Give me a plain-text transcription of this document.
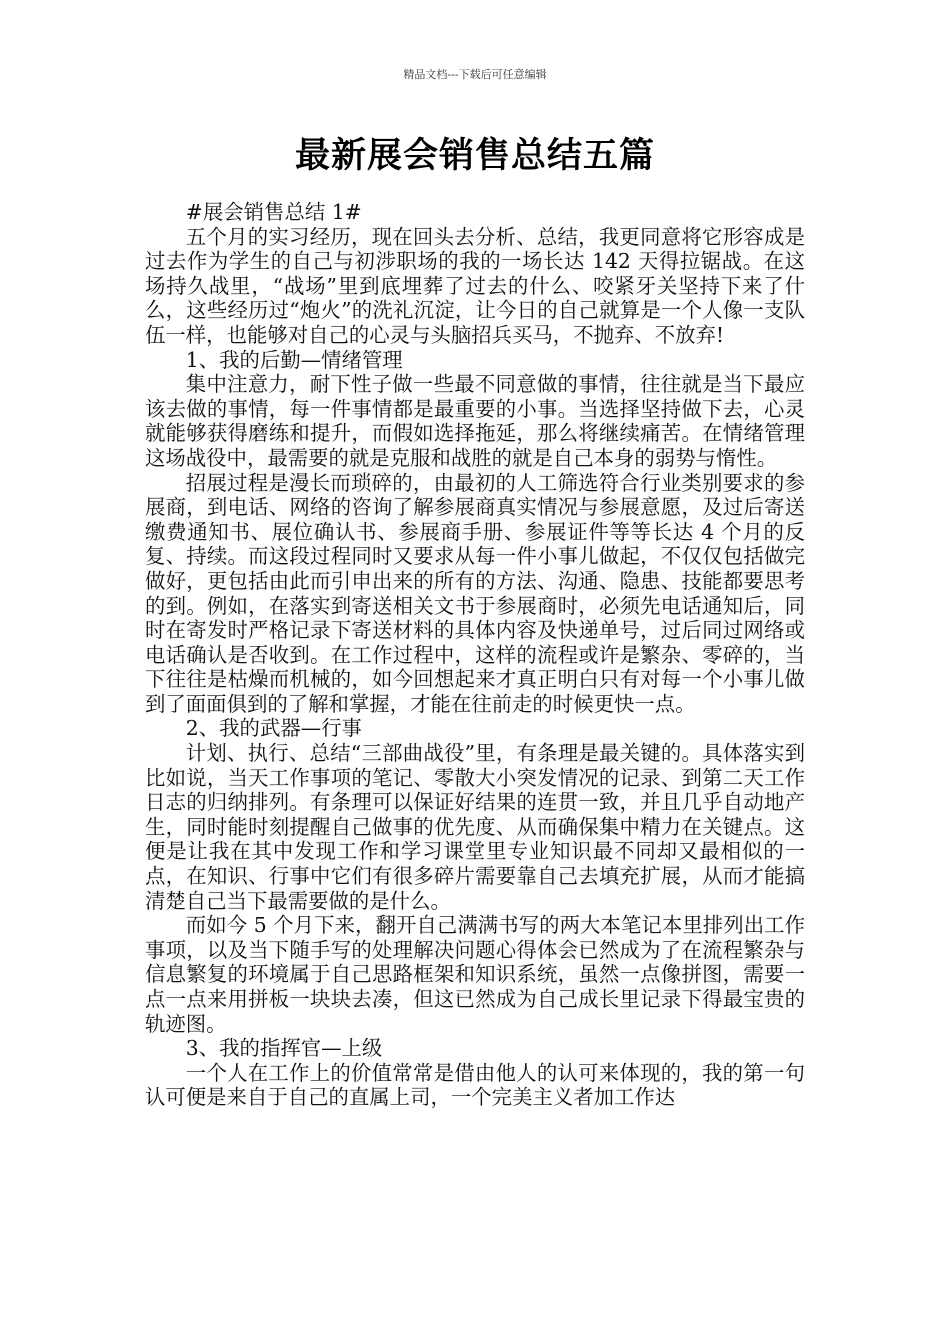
精品文档---下载后可任意编辑
最新展会销售总结五篇

#展会销售总结 1#

五个月的实习经历，现在回头去分析、总结，我更同意将它形容成是过去作为学生的自己与初涉职场的我的一场长达 142 天得拉锯战。在这场持久战里，“战场”里到底埋葬了过去的什么、咬紧牙关坚持下来了什么，这些经历过“炮火”的洗礼沉淀，让今日的自己就算是一个人像一支队伍一样，也能够对自己的心灵与头脑招兵买马，不抛弃、不放弃!

1、我的后勤—情绪管理

集中注意力，耐下性子做一些最不同意做的事情，往往就是当下最应该去做的事情，每一件事情都是最重要的小事。当选择坚持做下去，心灵就能够获得磨练和提升，而假如选择拖延，那么将继续痛苦。在情绪管理这场战役中，最需要的就是克服和战胜的就是自己本身的弱势与惰性。

招展过程是漫长而琐碎的，由最初的人工筛选符合行业类别要求的参展商，到电话、网络的咨询了解参展商真实情况与参展意愿，及过后寄送缴费通知书、展位确认书、参展商手册、参展证件等等长达 4 个月的反复、持续。而这段过程同时又要求从每一件小事儿做起，不仅仅包括做完做好，更包括由此而引申出来的所有的方法、沟通、隐患、技能都要思考的到。例如，在落实到寄送相关文书于参展商时，必须先电话通知后，同时在寄发时严格记录下寄送材料的具体内容及快递单号，过后同过网络或电话确认是否收到。在工作过程中，这样的流程或许是繁杂、零碎的，当下往往是枯燥而机械的，如今回想起来才真正明白只有对每一个小事儿做到了面面俱到的了解和掌握，才能在往前走的时候更快一点。

2、我的武器—行事

计划、执行、总结“三部曲战役”里，有条理是最关键的。具体落实到比如说，当天工作事项的笔记、零散大小突发情况的记录、到第二天工作日志的归纳排列。有条理可以保证好结果的连贯一致，并且几乎自动地产生，同时能时刻提醒自己做事的优先度、从而确保集中精力在关键点。这便是让我在其中发现工作和学习课堂里专业知识最不同却又最相似的一点，在知识、行事中它们有很多碎片需要靠自己去填充扩展，从而才能搞清楚自己当下最需要做的是什么。

而如今 5 个月下来，翻开自己满满书写的两大本笔记本里排列出工作事项，以及当下随手写的处理解决问题心得体会已然成为了在流程繁杂与信息繁复的环境属于自己思路框架和知识系统，虽然一点像拼图，需要一点一点来用拼板一块块去凑，但这已然成为自己成长里记录下得最宝贵的轨迹图。

3、我的指挥官—上级

一个人在工作上的价值常常是借由他人的认可来体现的，我的第一句认可便是来自于自己的直属上司，一个完美主义者加工作达
